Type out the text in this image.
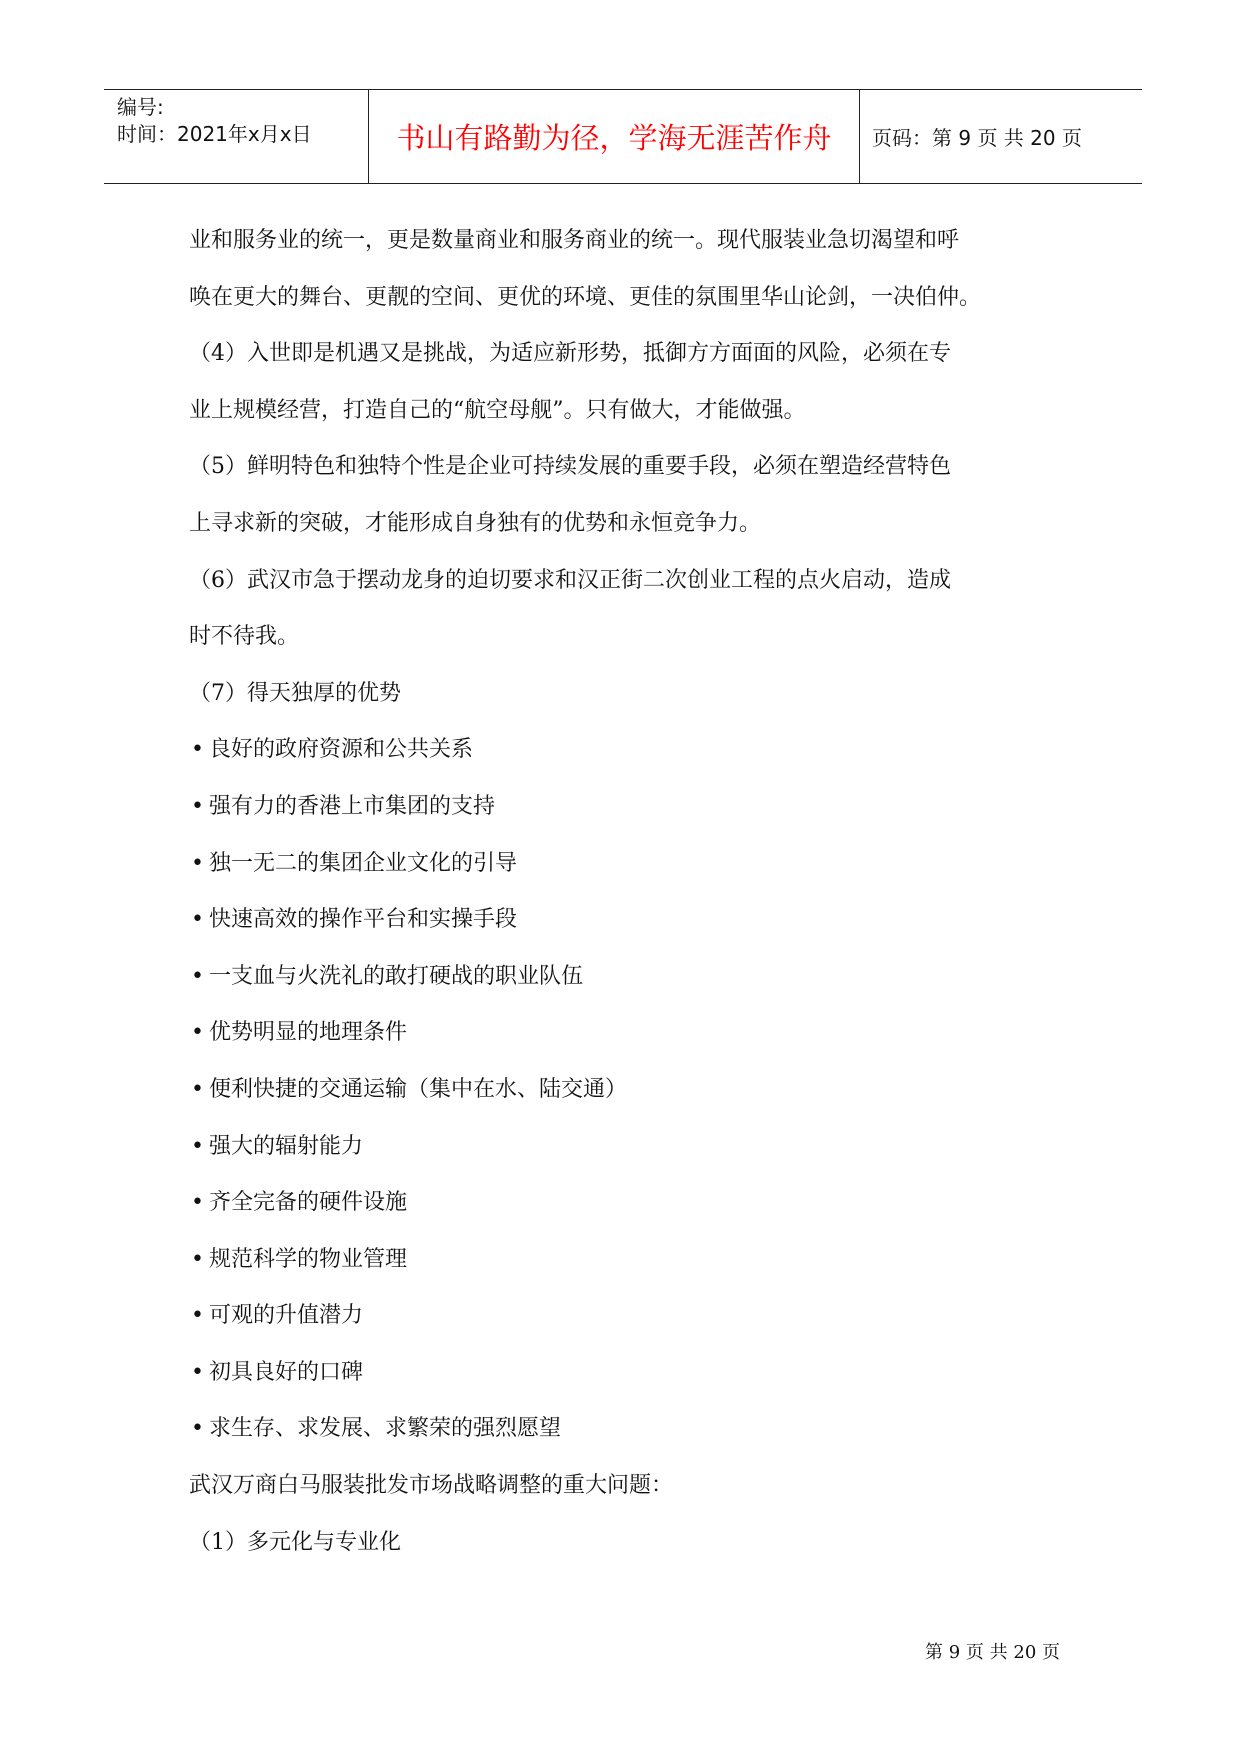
编号:
时间：2021年x月x日	书山有路勤为径，学海无涯苦作舟	页码：第 9 页 共 20 页
业和服务业的统一，更是数量商业和服务商业的统一。现代服装业急切渴望和呼
唤在更大的舞台、更靓的空间、更优的环境、更佳的氛围里华山论剑，一决伯仲。
（4）入世即是机遇又是挑战，为适应新形势，抵御方方面面的风险，必须在专
业上规模经营，打造自己的“航空母舰”。只有做大，才能做强。
（5）鲜明特色和独特个性是企业可持续发展的重要手段，必须在塑造经营特色
上寻求新的突破，才能形成自身独有的优势和永恒竞争力。
（6）武汉市急于摆动龙身的迫切要求和汉正街二次创业工程的点火启动，造成
时不待我。
（7）得天独厚的优势
• 良好的政府资源和公共关系
• 强有力的香港上市集团的支持
• 独一无二的集团企业文化的引导
• 快速高效的操作平台和实操手段
• 一支血与火洗礼的敢打硬战的职业队伍
• 优势明显的地理条件
• 便利快捷的交通运输（集中在水、陆交通）
• 强大的辐射能力
• 齐全完备的硬件设施
• 规范科学的物业管理
• 可观的升值潜力
• 初具良好的口碑
• 求生存、求发展、求繁荣的强烈愿望
武汉万商白马服装批发市场战略调整的重大问题：
（1）多元化与专业化
第 9 页 共 20 页
